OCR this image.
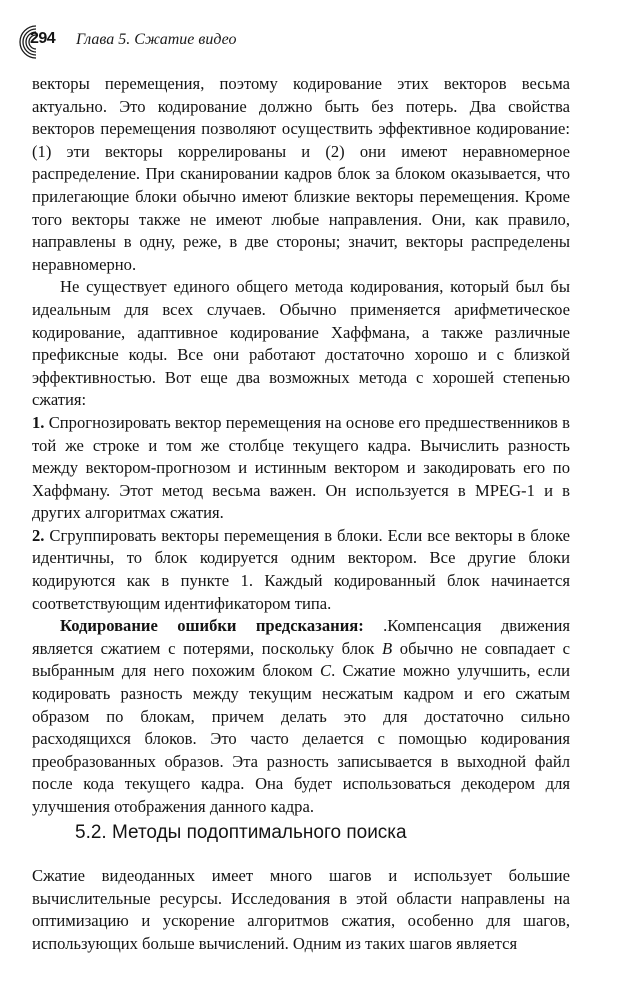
294 Глава 5. Сжатие видео

векторы перемещения, поэтому кодирование этих векторов весьма актуально. Это кодирование должно быть без потерь. Два свойства векторов перемещения позволяют осуществить эффективное кодирование: (1) эти векторы коррелированы и (2) они имеют неравномерное распределение. При сканировании кадров блок за блоком оказывается, что прилегающие блоки обычно имеют близкие векторы перемещения. Кроме того векторы также не имеют любые направления. Они, как правило, направлены в одну, реже, в две стороны; значит, векторы распределены неравномерно.

Не существует единого общего метода кодирования, который был бы идеальным для всех случаев. Обычно применяется арифметическое кодирование, адаптивное кодирование Хаффмана, а также различные префиксные коды. Все они работают достаточно хорошо и с близкой эффективностью. Вот еще два возможных метода с хорошей степенью сжатия:

1. Спрогнозировать вектор перемещения на основе его предшественников в той же строке и том же столбце текущего кадра. Вычислить разность между вектором-прогнозом и истинным вектором и закодировать его по Хаффману. Этот метод весьма важен. Он используется в MPEG-1 и в других алгоритмах сжатия.

2. Сгруппировать векторы перемещения в блоки. Если все векторы в блоке идентичны, то блок кодируется одним вектором. Все другие блоки кодируются как в пункте 1. Каждый кодированный блок начинается соответствующим идентификатором типа.

Кодирование ошибки предсказания: .Компенсация движения является сжатием с потерями, поскольку блок B обычно не совпадает с выбранным для него похожим блоком C. Сжатие можно улучшить, если кодировать разность между текущим несжатым кадром и его сжатым образом по блокам, причем делать это для достаточно сильно расходящихся блоков. Это часто делается с помощью кодирования преобразованных образов. Эта разность записывается в выходной файл после кода текущего кадра. Она будет использоваться декодером для улучшения отображения данного кадра.

5.2. Методы подоптимального поиска

Сжатие видеоданных имеет много шагов и использует большие вычислительные ресурсы. Исследования в этой области направлены на оптимизацию и ускорение алгоритмов сжатия, особенно для шагов, использующих больше вычислений. Одним из таких шагов является
